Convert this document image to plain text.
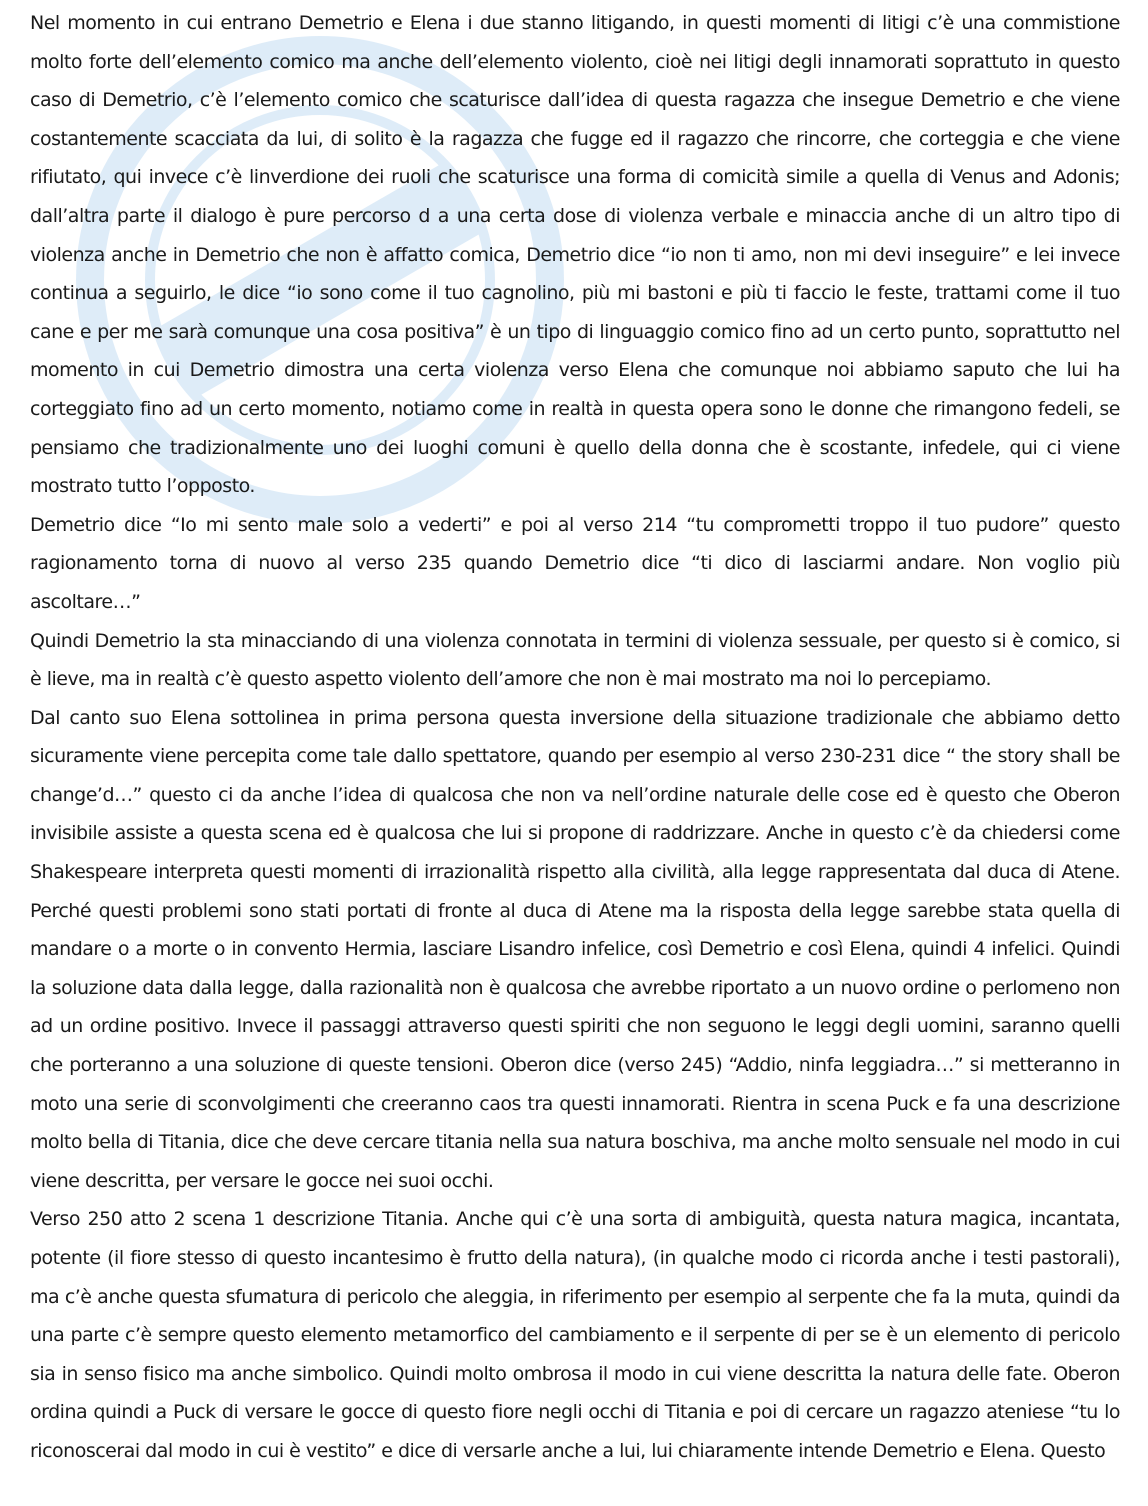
Nel momento in cui entrano Demetrio e Elena i due stanno litigando, in questi momenti di litigi c’è una commistione molto forte dell’elemento comico ma anche dell’elemento violento, cioè nei litigi degli innamorati soprattuto in questo caso di Demetrio, c’è l’elemento comico che scaturisce dall’idea di questa ragazza che insegue Demetrio e che viene costantemente scacciata da lui, di solito è la ragazza che fugge ed il ragazzo che rincorre, che corteggia e che viene rifiutato, qui invece c’è linverdione dei ruoli che scaturisce una forma di comicità simile a quella di Venus and Adonis; dall’altra parte il dialogo è pure percorso d a una certa dose di violenza verbale e minaccia anche di un altro tipo di violenza anche in Demetrio che non è affatto comica, Demetrio dice “io non ti amo, non mi devi inseguire” e lei invece continua a seguirlo, le dice “io sono come il tuo cagnolino, più mi bastoni e più ti faccio le feste, trattami come il tuo cane e per me sarà comunque una cosa positiva” è un tipo di linguaggio comico fino ad un certo punto, soprattutto nel momento in cui Demetrio dimostra una certa violenza verso Elena che comunque noi abbiamo saputo che lui ha corteggiato fino ad un certo momento, notiamo come in realtà in questa opera sono le donne che rimangono fedeli, se pensiamo che tradizionalmente uno dei luoghi comuni è quello della donna che è scostante, infedele, qui ci viene mostrato tutto l’opposto.

Demetrio dice “Io mi sento male solo a vederti” e poi al verso 214 “tu comprometti troppo il tuo pudore” questo ragionamento torna di nuovo al verso 235 quando Demetrio dice “ti dico di lasciarmi andare. Non voglio più ascoltare…”

Quindi Demetrio la sta minacciando di una violenza connotata in termini di violenza sessuale, per questo si è comico, si è lieve, ma in realtà c’è questo aspetto violento dell’amore che non è mai mostrato ma noi lo percepiamo.

Dal canto suo Elena sottolinea in prima persona questa inversione della situazione tradizionale che abbiamo detto sicuramente viene percepita come tale dallo spettatore, quando per esempio al verso 230-231 dice “ the story shall be change’d…” questo ci da anche l’idea di qualcosa che non va nell’ordine naturale delle cose ed è questo che Oberon invisibile assiste a questa scena ed è qualcosa che lui si propone di raddrizzare. Anche in questo c’è da chiedersi come Shakespeare interpreta questi momenti di irrazionalità rispetto alla civilità, alla legge rappresentata dal duca di Atene. Perché questi problemi sono stati portati di fronte al duca di Atene ma la risposta della legge sarebbe stata quella di mandare o a morte o in convento Hermia, lasciare Lisandro infelice, così Demetrio e così Elena, quindi 4 infelici. Quindi la soluzione data dalla legge, dalla razionalità non è qualcosa che avrebbe riportato a un nuovo ordine o perlomeno non ad un ordine positivo. Invece il passaggi attraverso questi spiriti che non seguono le leggi degli uomini, saranno quelli che porteranno a una soluzione di queste tensioni. Oberon dice (verso 245) “Addio, ninfa leggiadra…” si metteranno in moto una serie di sconvolgimenti che creeranno caos tra questi innamorati. Rientra in scena Puck e fa una descrizione molto bella di Titania, dice che deve cercare titania nella sua natura boschiva, ma anche molto sensuale nel modo in cui viene descritta, per versare le gocce nei suoi occhi.

Verso 250 atto 2 scena 1 descrizione Titania. Anche qui c’è una sorta di ambiguità, questa natura magica, incantata, potente (il fiore stesso di questo incantesimo è frutto della natura), (in qualche modo ci ricorda anche i testi pastorali), ma c’è anche questa sfumatura di pericolo che aleggia, in riferimento per esempio al serpente che fa la muta, quindi da una parte c’è sempre questo elemento metamorfico del cambiamento e il serpente di per se è un elemento di pericolo sia in senso fisico ma anche simbolico. Quindi molto ombrosa il modo in cui viene descritta la natura delle fate. Oberon ordina quindi a Puck di versare le gocce di questo fiore negli occhi di Titania e poi di cercare un ragazzo ateniese “tu lo riconoscerai dal modo in cui è vestito” e dice di versarle anche a lui, lui chiaramente intende Demetrio e Elena. Questo
